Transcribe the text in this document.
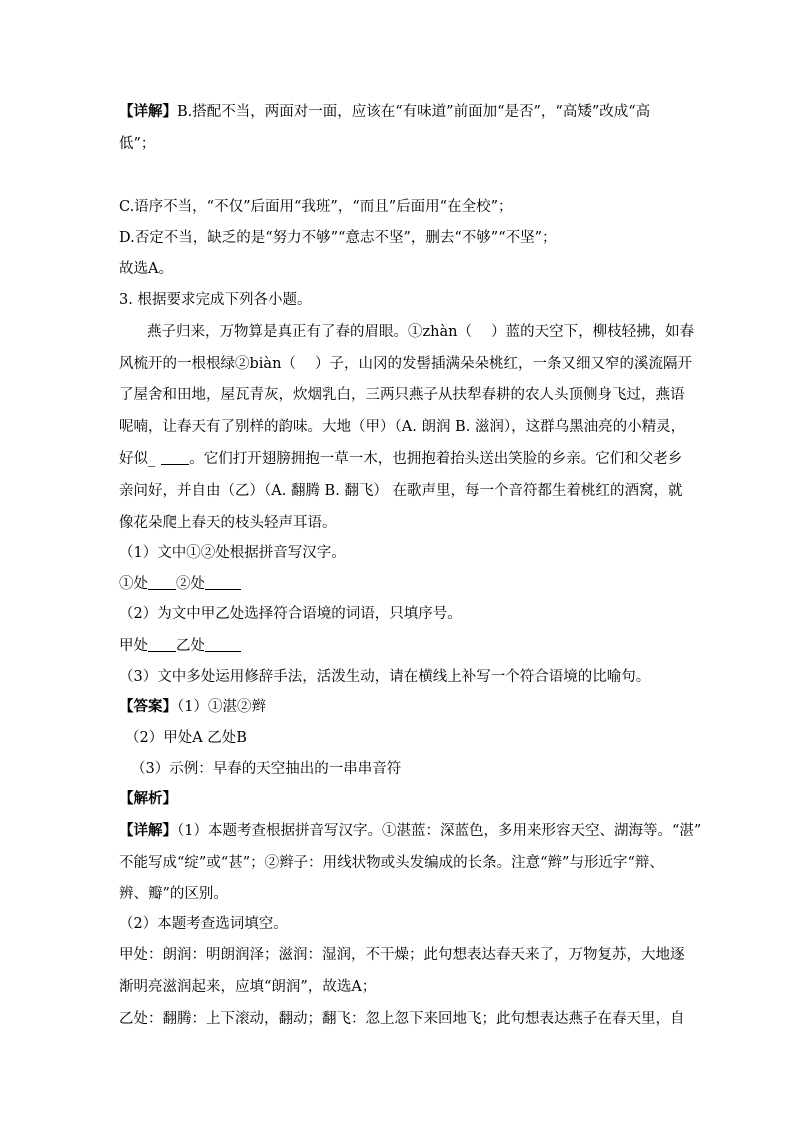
【详解】B.搭配不当，两面对一面，应该在“有味道”前面加“是否”，“高矮”改成“高
低”；
C.语序不当，“不仅”后面用“我班”，“而且”后面用“在全校”；
D.否定不当，缺乏的是“努力不够”“意志不坚”，删去“不够”“不坚”；
故选A。
3. 根据要求完成下列各小题。
燕子归来，万物算是真正有了春的眉眼。①zhàn（　 ）蓝的天空下，柳枝轻拂，如春
风梳开的一根根绿②biàn（　 ）子，山冈的发髻插满朵朵桃红，一条又细又窄的溪流隔开
了屋舍和田地，屋瓦青灰，炊烟乳白，三两只燕子从扶犁春耕的农人头顶侧身飞过，燕语
呢喃，让春天有了别样的韵味。大地（甲）（A. 朗润 B. 滋润），这群乌黑油亮的小精灵，
好似_ 。它们打开翅膀拥抱一草一木，也拥抱着抬头送出笑脸的乡亲。它们和父老乡
亲问好，并自由（乙）（A. 翻腾 B. 翻飞） 在歌声里，每一个音符都生着桃红的酒窝，就
像花朵爬上春天的枝头轻声耳语。
（1）文中①②处根据拼音写汉字。
①处 ②处
（2）为文中甲乙处选择符合语境的词语，只填序号。
甲处 乙处
（3）文中多处运用修辞手法，活泼生动，请在横线上补写一个符合语境的比喻句。
【答案】（1）①湛②辫
（2）甲处A 乙处B
（3）示例：早春的天空抽出的一串串音符
【解析】
【详解】（1）本题考查根据拼音写汉字。①湛蓝：深蓝色，多用来形容天空、湖海等。“湛”
不能写成“绽”或“甚”；②辫子：用线状物或头发编成的长条。注意“辫”与形近字“辩、
辨、瓣”的区别。
（2）本题考查选词填空。
甲处：朗润：明朗润泽；滋润：湿润，不干燥；此句想表达春天来了，万物复苏，大地逐
渐明亮滋润起来，应填“朗润”，故选A；
乙处：翻腾：上下滚动，翻动；翻飞：忽上忽下来回地飞；此句想表达燕子在春天里，自
